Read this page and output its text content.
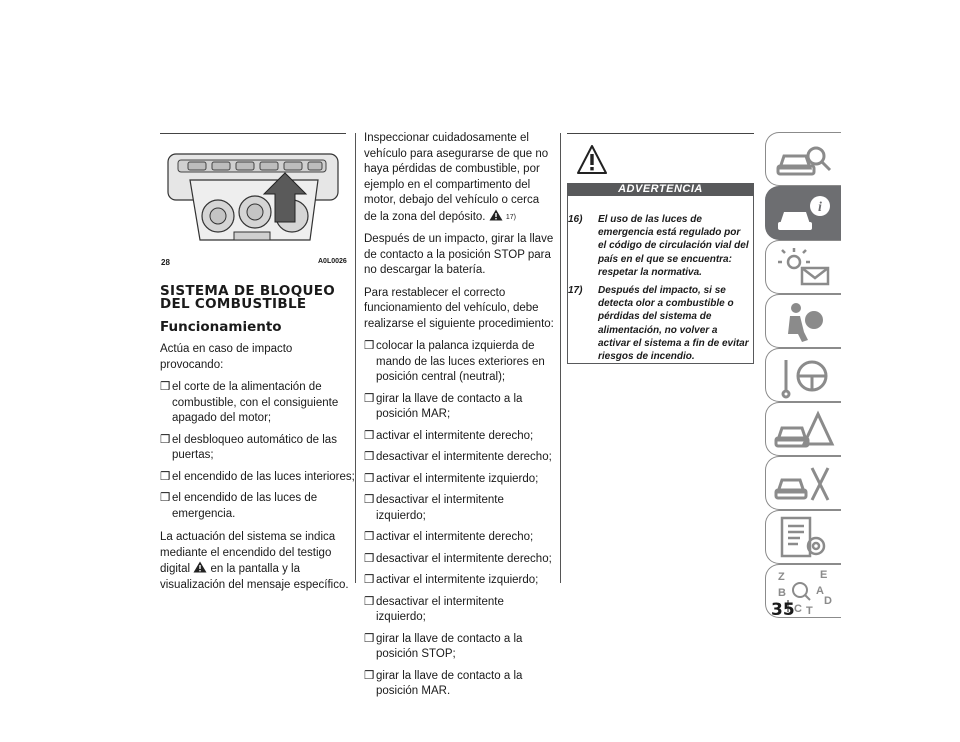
28	A0L0026
SISTEMA DE BLOQUEO DEL COMBUSTIBLE
Funcionamiento

Actúa en caso de impacto provocando:

❒ el corte de la alimentación de combustible, con el consiguiente apagado del motor;
❒ el desbloqueo automático de las puertas;
❒ el encendido de las luces interiores;
❒ el encendido de las luces de emergencia.

La actuación del sistema se indica mediante el encendido del testigo digital en la pantalla y la visualización del mensaje específico.

Inspeccionar cuidadosamente el vehículo para asegurarse de que no haya pérdidas de combustible, por ejemplo en el compartimento del motor, debajo del vehículo o cerca de la zona del depósito.	17)

Después de un impacto, girar la llave de contacto a la posición STOP para no descargar la batería.

Para restablecer el correcto funcionamiento del vehículo, debe realizarse el siguiente procedimiento:

❒ colocar la palanca izquierda de mando de las luces exteriores en posición central (neutral);
❒ girar la llave de contacto a la posición MAR;
❒ activar el intermitente derecho;
❒ desactivar el intermitente derecho;
❒ activar el intermitente izquierdo;
❒ desactivar el intermitente izquierdo;
❒ activar el intermitente derecho;
❒ desactivar el intermitente derecho;
❒ activar el intermitente izquierdo;
❒ desactivar el intermitente izquierdo;
❒ girar la llave de contacto a la posición STOP;
❒ girar la llave de contacto a la posición MAR.
ADVERTENCIA
16) El uso de las luces de emergencia está regulado por el código de circulación vial del país en el que se encuentra: respetar la normativa.
17) Después del impacto, si se detecta olor a combustible o pérdidas del sistema de alimentación, no volver a activar el sistema a fin de evitar riesgos de incendio.
i
Z	E
A
B
D
C T
35
